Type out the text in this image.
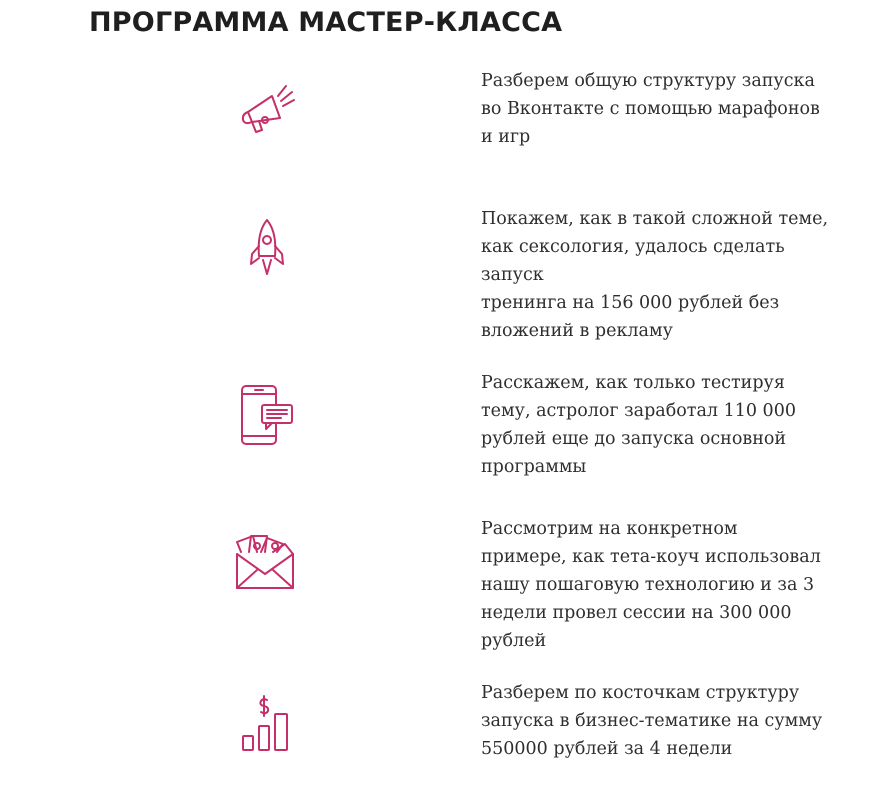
ПРОГРАММА МАСТЕР-КЛАССА

Разберем общую структуру запуска
во Вконтакте с помощью марафонов
и игр

Покажем, как в такой сложной теме,
как сексология, удалось сделать
запуск
тренинга на 156 000 рублей без
вложений в рекламу

Расскажем, как только тестируя
тему, астролог заработал 110 000
рублей еще до запуска основной
программы

Рассмотрим на конкретном
примере, как тета-коуч использовал
нашу пошаговую технологию и за 3
недели провел сессии на 300 000
рублей

Разберем по косточкам структуру
запуска в бизнес-тематике на сумму
550000 рублей за 4 недели
